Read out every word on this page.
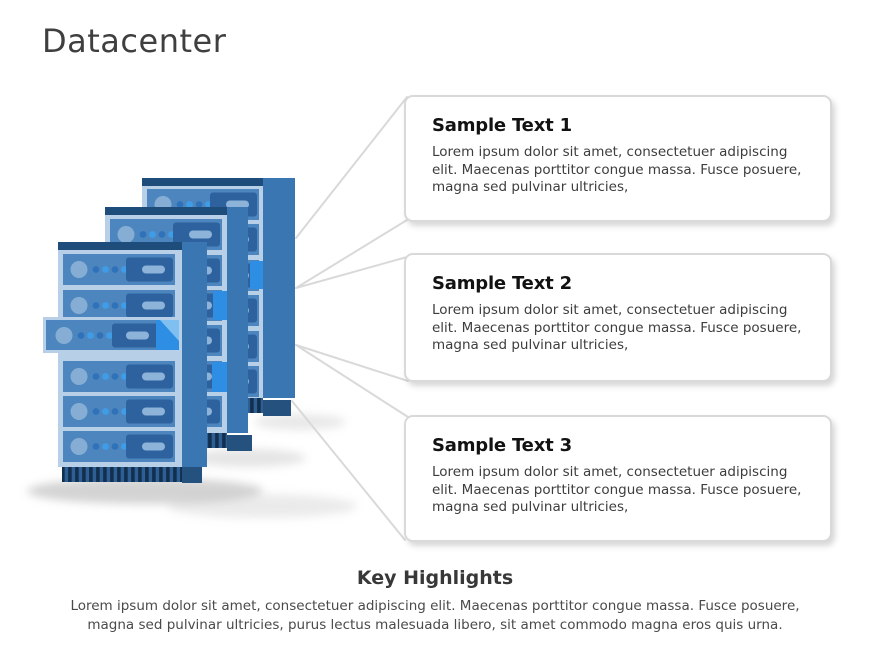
Datacenter
Sample Text 1

Lorem ipsum dolor sit amet, consectetuer adipiscing elit. Maecenas porttitor congue massa. Fusce posuere, magna sed pulvinar ultricies,

Sample Text 2

Lorem ipsum dolor sit amet, consectetuer adipiscing elit. Maecenas porttitor congue massa. Fusce posuere, magna sed pulvinar ultricies,

Sample Text 3

Lorem ipsum dolor sit amet, consectetuer adipiscing elit. Maecenas porttitor congue massa. Fusce posuere, magna sed pulvinar ultricies,

Key Highlights

Lorem ipsum dolor sit amet, consectetuer adipiscing elit. Maecenas porttitor congue massa. Fusce posuere, magna sed pulvinar ultricies, purus lectus malesuada libero, sit amet commodo magna eros quis urna.
